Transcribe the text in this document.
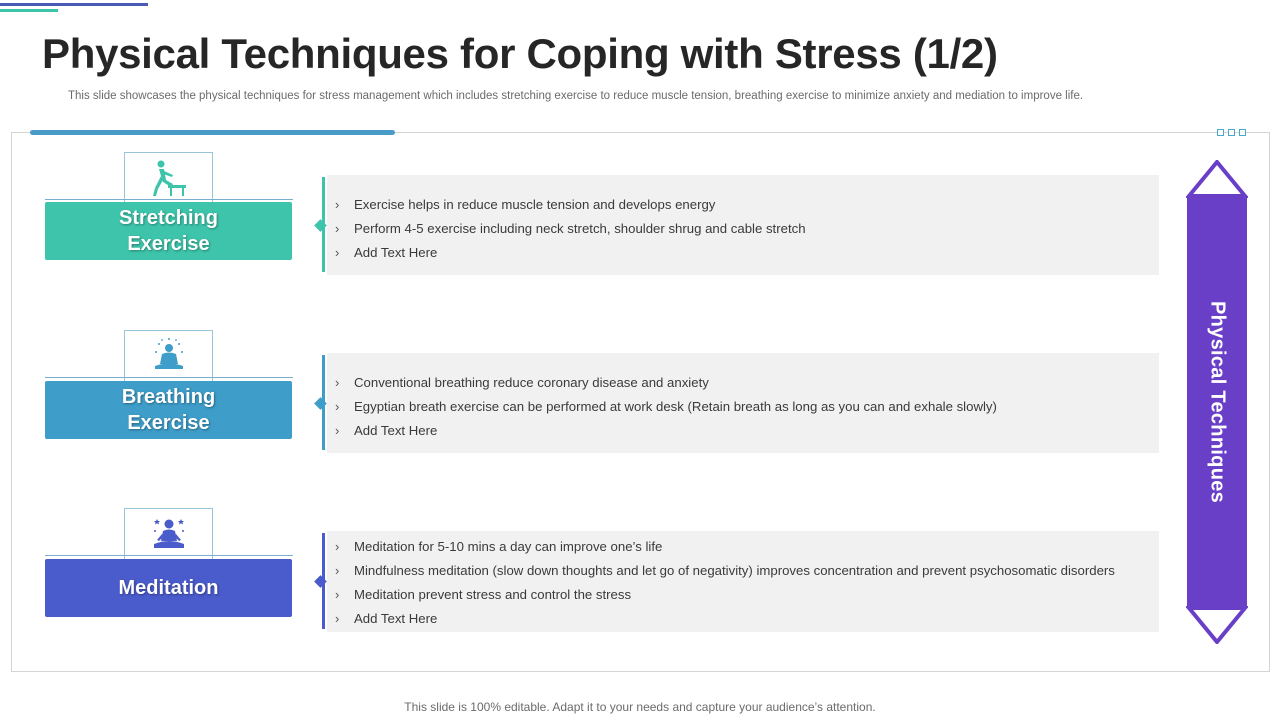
Physical Techniques for Coping with Stress (1/2)

This slide showcases the physical techniques for stress management which includes stretching exercise to reduce muscle tension, breathing exercise to minimize anxiety and mediation to improve life.

Stretching
Exercise
›	Exercise helps in reduce muscle tension and develops energy
›	Perform 4-5 exercise including neck stretch, shoulder shrug and cable stretch
›	Add Text Here
Breathing
Exercise
›	Conventional breathing reduce coronary disease and anxiety
›	Egyptian breath exercise can be performed at work desk (Retain breath as long as you can and exhale slowly)
›	Add Text Here
Meditation
›	Meditation for 5-10 mins a day can improve one’s life
›	Mindfulness meditation (slow down thoughts and let go of negativity) improves concentration and prevent psychosomatic disorders
›	Meditation prevent stress and control the stress
›	Add Text Here
Physical Techniques
This slide is 100% editable. Adapt it to your needs and capture your audience’s attention.
